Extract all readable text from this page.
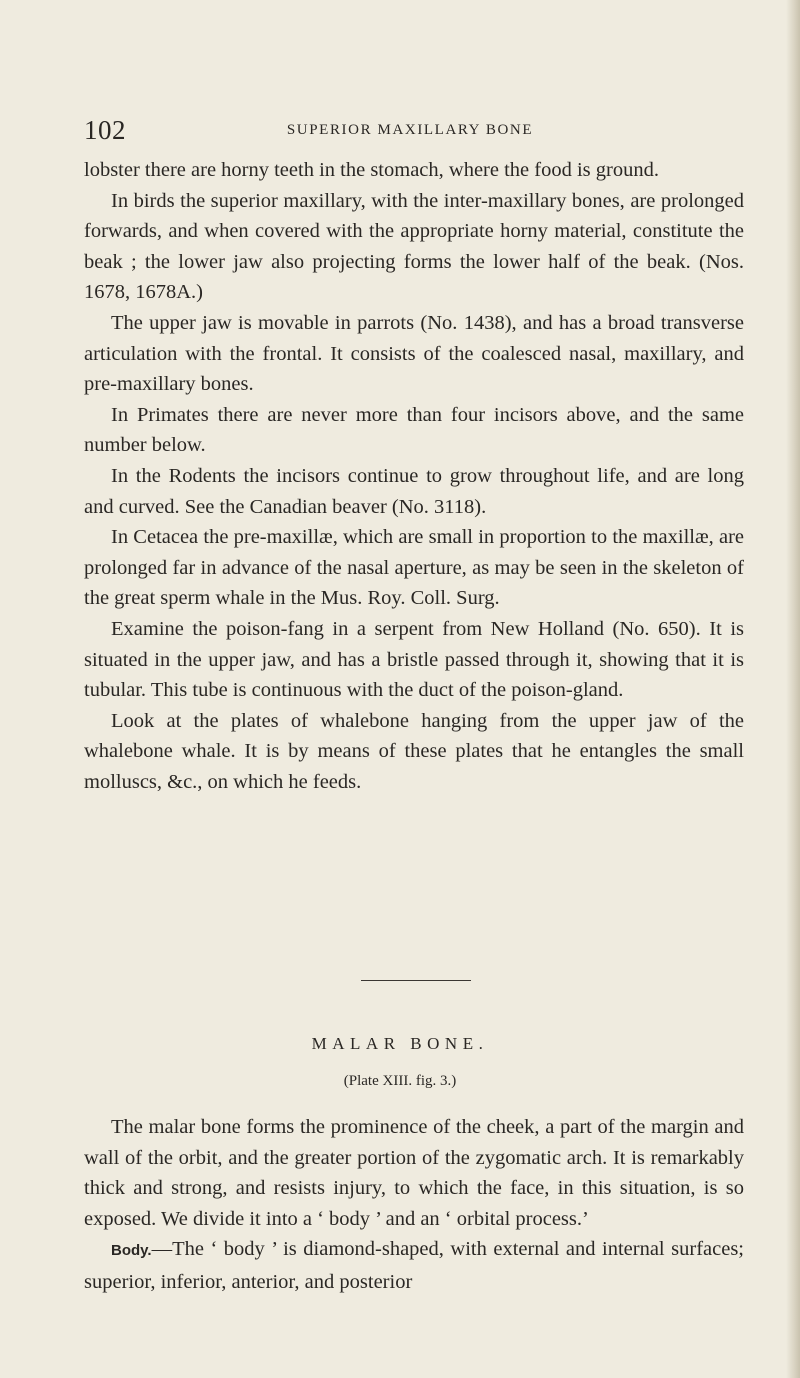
102	SUPERIOR MAXILLARY BONE

lobster there are horny teeth in the stomach, where the food is ground.

In birds the superior maxillary, with the inter-maxillary bones, are prolonged forwards, and when covered with the appropriate horny material, constitute the beak ; the lower jaw also projecting forms the lower half of the beak. (Nos. 1678, 1678A.)

The upper jaw is movable in parrots (No. 1438), and has a broad transverse articulation with the frontal. It consists of the coalesced nasal, maxillary, and pre-maxillary bones.

In Primates there are never more than four incisors above, and the same number below.

In the Rodents the incisors continue to grow throughout life, and are long and curved. See the Canadian beaver (No. 3118).

In Cetacea the pre-maxillæ, which are small in proportion to the maxillæ, are prolonged far in advance of the nasal aperture, as may be seen in the skeleton of the great sperm whale in the Mus. Roy. Coll. Surg.

Examine the poison-fang in a serpent from New Holland (No. 650). It is situated in the upper jaw, and has a bristle passed through it, showing that it is tubular. This tube is continuous with the duct of the poison-gland.

Look at the plates of whalebone hanging from the upper jaw of the whalebone whale. It is by means of these plates that he entangles the small molluscs, &c., on which he feeds.

MALAR BONE.
(Plate XIII. fig. 3.)

The malar bone forms the prominence of the cheek, a part of the margin and wall of the orbit, and the greater portion of the zygomatic arch. It is remarkably thick and strong, and resists injury, to which the face, in this situation, is so exposed. We divide it into a ‘ body ’ and an ‘ orbital process.’

Body.—The ‘ body ’ is diamond-shaped, with external and internal surfaces; superior, inferior, anterior, and posterior
